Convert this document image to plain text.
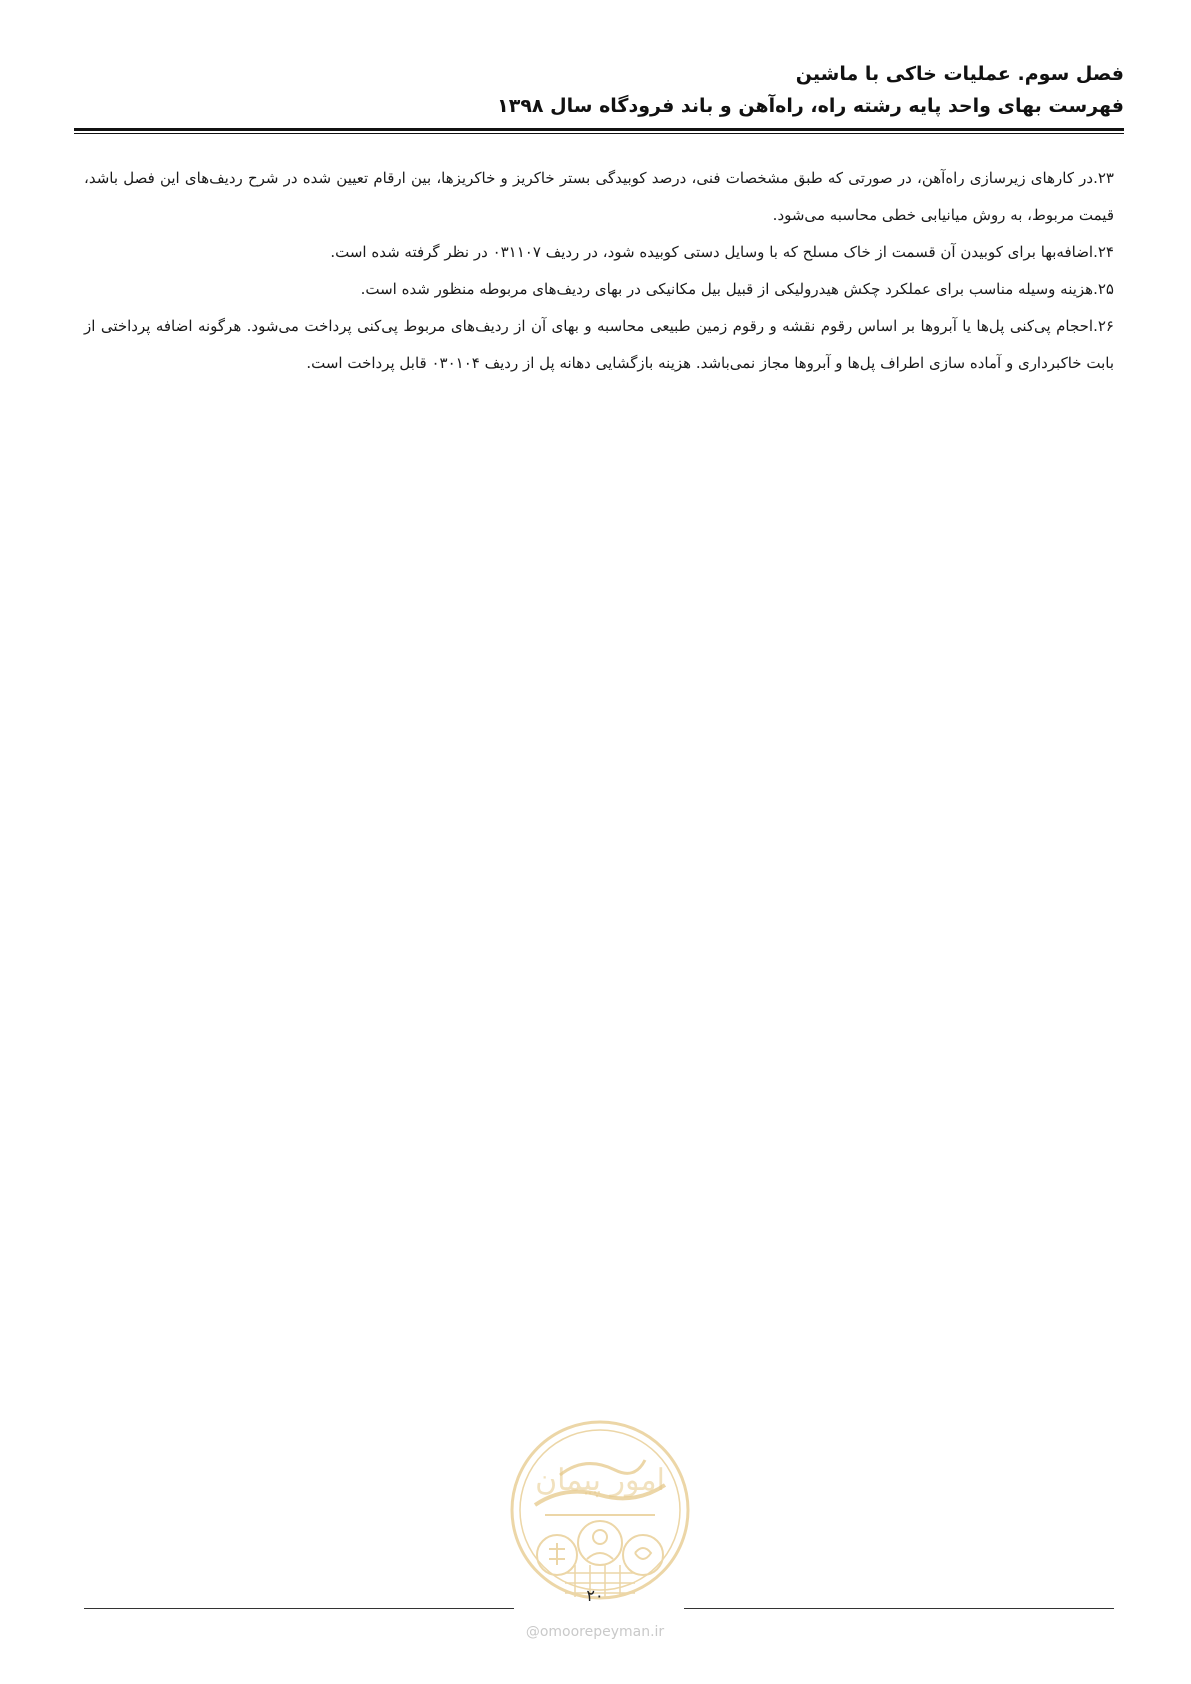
فصل سوم. عملیات خاکی با ماشین
فهرست بهای واحد پایه رشته راه، راه‌آهن و باند فرودگاه سال ۱۳۹۸

۲۳.در کارهای زیرسازی راه‌آهن، در صورتی که طبق مشخصات فنی، درصد کوبیدگی بستر خاکریز و خاکریزها، بین ارقام تعیین شده در شرح ردیف‌های این فصل باشد، قیمت مربوط، به روش میانیابی خطی محاسبه می‌شود.

۲۴.اضافه‌بها برای کوبیدن آن قسمت از خاک مسلح که با وسایل دستی کوبیده شود، در ردیف ۰۳۱۱۰۷ در نظر گرفته شده است.

۲۵.هزینه وسیله مناسب برای عملکرد چکش هیدرولیکی از قبیل بیل مکانیکی در بهای ردیف‌های مربوطه منظور شده است.

۲۶.احجام پی‌کنی پل‌ها یا آبروها بر اساس رقوم نقشه و رقوم زمین طبیعی محاسبه و بهای آن از ردیف‌های مربوط پی‌کنی پرداخت می‌شود. هرگونه اضافه پرداختی از بابت خاکبرداری و آماده سازی اطراف پل‌ها و آبروها مجاز نمی‌باشد. هزینه بازگشایی دهانه پل از ردیف ۰۳۰۱۰۴ قابل پرداخت است.

امور پیمان
۲۰
@omoorepeyman.ir
